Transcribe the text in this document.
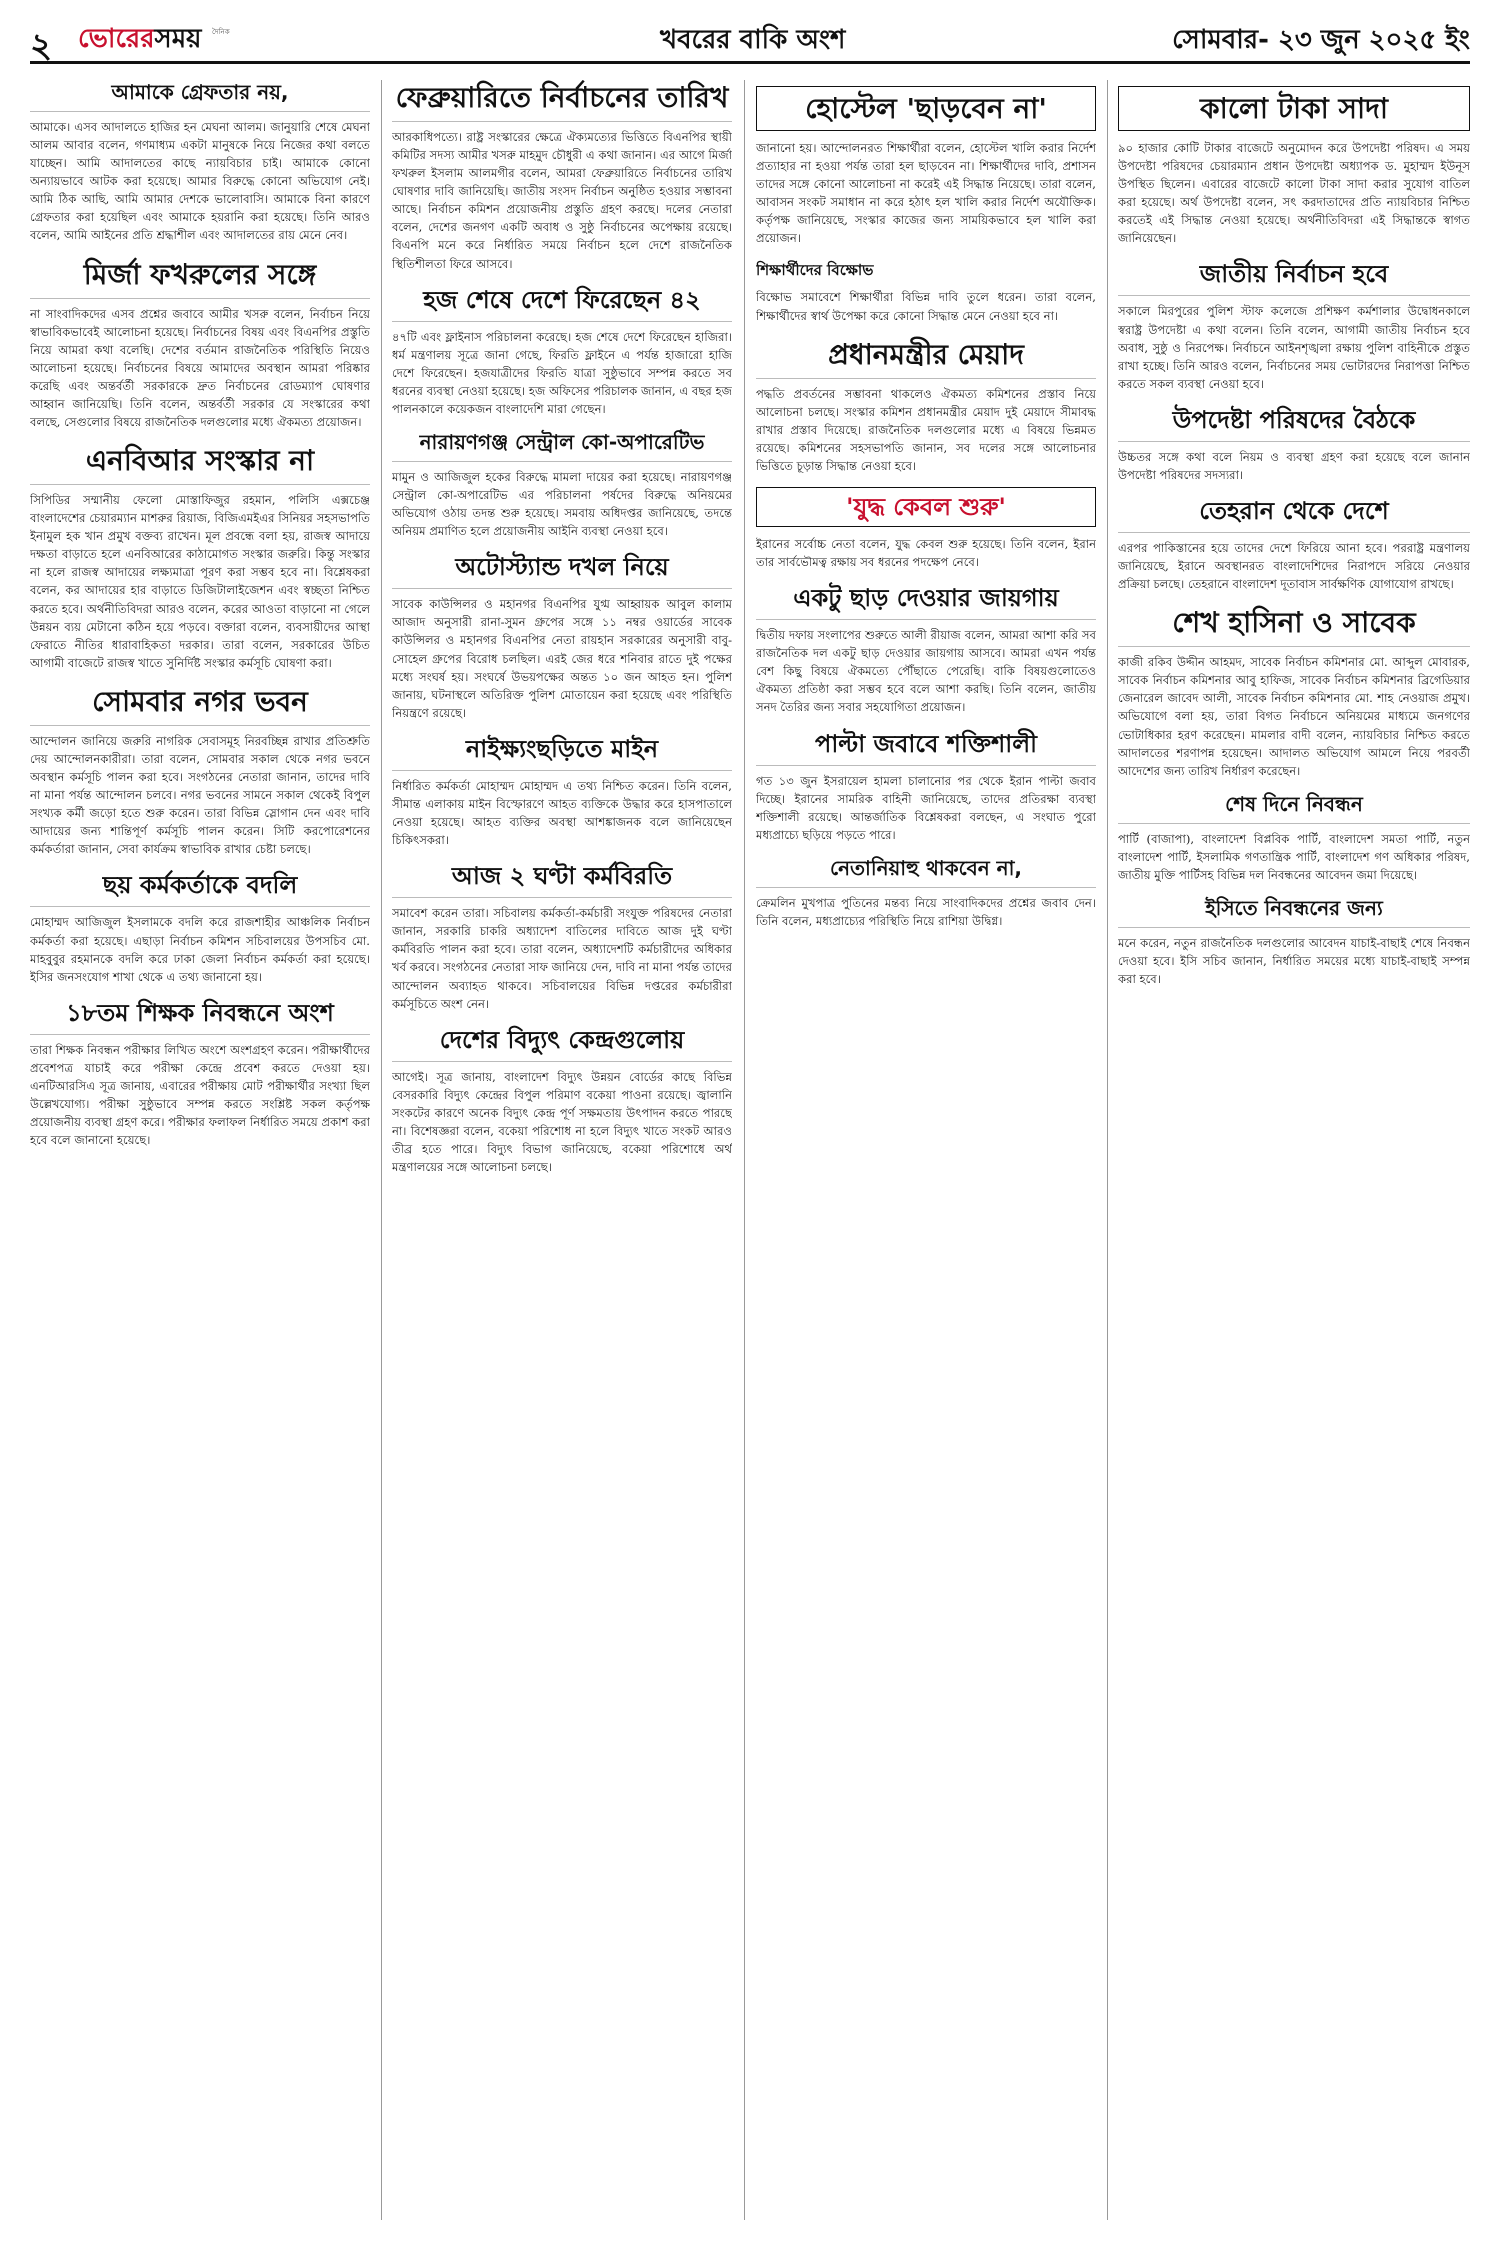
২ ভোরেরসময়	দৈনিক	খবরের বাকি অংশ	সোমবার- ২৩ জুন ২০২৫ ইং
আমাকে গ্রেফতার নয়,
আমাকে। এসব আদালতে হাজির হন মেঘনা আলম। জানুয়ারি শেষে মেঘনা আলম আবার বলেন, গণমাধ্যম একটা মানুষকে নিয়ে নিজের কথা বলতে যাচ্ছেন। আমি আদালতের কাছে ন্যায়বিচার চাই। আমাকে কোনো অন্যায়ভাবে আটক করা হয়েছে। আমার বিরুদ্ধে কোনো অভিযোগ নেই। আমি ঠিক আছি, আমি আমার দেশকে ভালোবাসি। আমাকে বিনা কারণে গ্রেফতার করা হয়েছিল এবং আমাকে হয়রানি করা হয়েছে। তিনি আরও বলেন, আমি আইনের প্রতি শ্রদ্ধাশীল এবং আদালতের রায় মেনে নেব।
মির্জা ফখরুলের সঙ্গে
না সাংবাদিকদের এসব প্রশ্নের জবাবে আমীর খসরু বলেন, নির্বাচন নিয়ে স্বাভাবিকভাবেই আলোচনা হয়েছে। নির্বাচনের বিষয় এবং বিএনপির প্রস্তুতি নিয়ে আমরা কথা বলেছি। দেশের বর্তমান রাজনৈতিক পরিস্থিতি নিয়েও আলোচনা হয়েছে। নির্বাচনের বিষয়ে আমাদের অবস্থান আমরা পরিষ্কার করেছি এবং অন্তর্বর্তী সরকারকে দ্রুত নির্বাচনের রোডম্যাপ ঘোষণার আহ্বান জানিয়েছি। তিনি বলেন, অন্তর্বর্তী সরকার যে সংস্কারের কথা বলছে, সেগুলোর বিষয়ে রাজনৈতিক দলগুলোর মধ্যে ঐকমত্য প্রয়োজন।
এনবিআর সংস্কার না
সিপিডির সম্মানীয় ফেলো মোস্তাফিজুর রহমান, পলিসি এক্সচেঞ্জ বাংলাদেশের চেয়ারম্যান মাশরুর রিয়াজ, বিজিএমইএর সিনিয়র সহসভাপতি ইনামুল হক খান প্রমুখ বক্তব্য রাখেন। মূল প্রবন্ধে বলা হয়, রাজস্ব আদায়ে দক্ষতা বাড়াতে হলে এনবিআরের কাঠামোগত সংস্কার জরুরি। কিন্তু সংস্কার না হলে রাজস্ব আদায়ের লক্ষ্যমাত্রা পূরণ করা সম্ভব হবে না। বিশ্লেষকরা বলেন, কর আদায়ের হার বাড়াতে ডিজিটালাইজেশন এবং স্বচ্ছতা নিশ্চিত করতে হবে। অর্থনীতিবিদরা আরও বলেন, করের আওতা বাড়ানো না গেলে উন্নয়ন ব্যয় মেটানো কঠিন হয়ে পড়বে। বক্তারা বলেন, ব্যবসায়ীদের আস্থা ফেরাতে নীতির ধারাবাহিকতা দরকার। তারা বলেন, সরকারের উচিত আগামী বাজেটে রাজস্ব খাতে সুনির্দিষ্ট সংস্কার কর্মসূচি ঘোষণা করা।
সোমবার নগর ভবন
আন্দোলন জানিয়ে জরুরি নাগরিক সেবাসমূহ নিরবচ্ছিন্ন রাখার প্রতিশ্রুতি দেয় আন্দোলনকারীরা। তারা বলেন, সোমবার সকাল থেকে নগর ভবনে অবস্থান কর্মসূচি পালন করা হবে। সংগঠনের নেতারা জানান, তাদের দাবি না মানা পর্যন্ত আন্দোলন চলবে। নগর ভবনের সামনে সকাল থেকেই বিপুল সংখ্যক কর্মী জড়ো হতে শুরু করেন। তারা বিভিন্ন স্লোগান দেন এবং দাবি আদায়ের জন্য শান্তিপূর্ণ কর্মসূচি পালন করেন। সিটি করপোরেশনের কর্মকর্তারা জানান, সেবা কার্যক্রম স্বাভাবিক রাখার চেষ্টা চলছে।
ছয় কর্মকর্তাকে বদলি
মোহাম্মদ আজিজুল ইসলামকে বদলি করে রাজশাহীর আঞ্চলিক নির্বাচন কর্মকর্তা করা হয়েছে। এছাড়া নির্বাচন কমিশন সচিবালয়ের উপসচিব মো. মাহবুবুর রহমানকে বদলি করে ঢাকা জেলা নির্বাচন কর্মকর্তা করা হয়েছে। ইসির জনসংযোগ শাখা থেকে এ তথ্য জানানো হয়।
১৮তম শিক্ষক নিবন্ধনে অংশ
তারা শিক্ষক নিবন্ধন পরীক্ষার লিখিত অংশে অংশগ্রহণ করেন। পরীক্ষার্থীদের প্রবেশপত্র যাচাই করে পরীক্ষা কেন্দ্রে প্রবেশ করতে দেওয়া হয়। এনটিআরসিএ সূত্র জানায়, এবারের পরীক্ষায় মোট পরীক্ষার্থীর সংখ্যা ছিল উল্লেখযোগ্য। পরীক্ষা সুষ্ঠুভাবে সম্পন্ন করতে সংশ্লিষ্ট সকল কর্তৃপক্ষ প্রয়োজনীয় ব্যবস্থা গ্রহণ করে। পরীক্ষার ফলাফল নির্ধারিত সময়ে প্রকাশ করা হবে বলে জানানো হয়েছে।
ফেব্রুয়ারিতে নির্বাচনের তারিখ
আরকাধিপত্যে। রাষ্ট্র সংস্কারের ক্ষেত্রে ঐক্যমত্যের ভিত্তিতে বিএনপির স্থায়ী কমিটির সদস্য আমীর খসরু মাহমুদ চৌধুরী এ কথা জানান। এর আগে মির্জা ফখরুল ইসলাম আলমগীর বলেন, আমরা ফেব্রুয়ারিতে নির্বাচনের তারিখ ঘোষণার দাবি জানিয়েছি। জাতীয় সংসদ নির্বাচন অনুষ্ঠিত হওয়ার সম্ভাবনা আছে। নির্বাচন কমিশন প্রয়োজনীয় প্রস্তুতি গ্রহণ করছে। দলের নেতারা বলেন, দেশের জনগণ একটি অবাধ ও সুষ্ঠু নির্বাচনের অপেক্ষায় রয়েছে। বিএনপি মনে করে নির্ধারিত সময়ে নির্বাচন হলে দেশে রাজনৈতিক স্থিতিশীলতা ফিরে আসবে।
হজ শেষে দেশে ফিরেছেন ৪২
৪৭টি এবং ফ্লাইনাস পরিচালনা করেছে। হজ শেষে দেশে ফিরেছেন হাজিরা। ধর্ম মন্ত্রণালয় সূত্রে জানা গেছে, ফিরতি ফ্লাইনে এ পর্যন্ত হাজারো হাজি দেশে ফিরেছেন। হজযাত্রীদের ফিরতি যাত্রা সুষ্ঠুভাবে সম্পন্ন করতে সব ধরনের ব্যবস্থা নেওয়া হয়েছে। হজ অফিসের পরিচালক জানান, এ বছর হজ পালনকালে কয়েকজন বাংলাদেশি মারা গেছেন।
নারায়ণগঞ্জ সেন্ট্রাল কো-অপারেটিভ
মামুন ও আজিজুল হকের বিরুদ্ধে মামলা দায়ের করা হয়েছে। নারায়ণগঞ্জ সেন্ট্রাল কো-অপারেটিভ এর পরিচালনা পর্ষদের বিরুদ্ধে অনিয়মের অভিযোগ ওঠায় তদন্ত শুরু হয়েছে। সমবায় অধিদপ্তর জানিয়েছে, তদন্তে অনিয়ম প্রমাণিত হলে প্রয়োজনীয় আইনি ব্যবস্থা নেওয়া হবে।
অটোস্ট্যান্ড দখল নিয়ে
সাবেক কাউন্সিলর ও মহানগর বিএনপির যুগ্ম আহ্বায়ক আবুল কালাম আজাদ অনুসারী রানা-সুমন গ্রুপের সঙ্গে ১১ নম্বর ওয়ার্ডের সাবেক কাউন্সিলর ও মহানগর বিএনপির নেতা রায়হান সরকারের অনুসারী বাবু-সোহেল গ্রুপের বিরোধ চলছিল। এরই জের ধরে শনিবার রাতে দুই পক্ষের মধ্যে সংঘর্ষ হয়। সংঘর্ষে উভয়পক্ষের অন্তত ১০ জন আহত হন। পুলিশ জানায়, ঘটনাস্থলে অতিরিক্ত পুলিশ মোতায়েন করা হয়েছে এবং পরিস্থিতি নিয়ন্ত্রণে রয়েছে।
নাইক্ষ্যংছড়িতে মাইন
নির্ধারিত কর্মকর্তা মোহাম্মদ মোহাম্মদ এ তথ্য নিশ্চিত করেন। তিনি বলেন, সীমান্ত এলাকায় মাইন বিস্ফোরণে আহত ব্যক্তিকে উদ্ধার করে হাসপাতালে নেওয়া হয়েছে। আহত ব্যক্তির অবস্থা আশঙ্কাজনক বলে জানিয়েছেন চিকিৎসকরা।
আজ ২ ঘণ্টা কর্মবিরতি
সমাবেশ করেন তারা। সচিবালয় কর্মকর্তা-কর্মচারী সংযুক্ত পরিষদের নেতারা জানান, সরকারি চাকরি অধ্যাদেশ বাতিলের দাবিতে আজ দুই ঘণ্টা কর্মবিরতি পালন করা হবে। তারা বলেন, অধ্যাদেশটি কর্মচারীদের অধিকার খর্ব করবে। সংগঠনের নেতারা সাফ জানিয়ে দেন, দাবি না মানা পর্যন্ত তাদের আন্দোলন অব্যাহত থাকবে। সচিবালয়ের বিভিন্ন দপ্তরের কর্মচারীরা কর্মসূচিতে অংশ নেন।
দেশের বিদ্যুৎ কেন্দ্রগুলোয়
আগেই। সূত্র জানায়, বাংলাদেশ বিদ্যুৎ উন্নয়ন বোর্ডের কাছে বিভিন্ন বেসরকারি বিদ্যুৎ কেন্দ্রের বিপুল পরিমাণ বকেয়া পাওনা রয়েছে। জ্বালানি সংকটের কারণে অনেক বিদ্যুৎ কেন্দ্র পূর্ণ সক্ষমতায় উৎপাদন করতে পারছে না। বিশেষজ্ঞরা বলেন, বকেয়া পরিশোধ না হলে বিদ্যুৎ খাতে সংকট আরও তীব্র হতে পারে। বিদ্যুৎ বিভাগ জানিয়েছে, বকেয়া পরিশোধে অর্থ মন্ত্রণালয়ের সঙ্গে আলোচনা চলছে।
হোস্টেল 'ছাড়বেন না'
জানানো হয়। আন্দোলনরত শিক্ষার্থীরা বলেন, হোস্টেল খালি করার নির্দেশ প্রত্যাহার না হওয়া পর্যন্ত তারা হল ছাড়বেন না। শিক্ষার্থীদের দাবি, প্রশাসন তাদের সঙ্গে কোনো আলোচনা না করেই এই সিদ্ধান্ত নিয়েছে। তারা বলেন, আবাসন সংকট সমাধান না করে হঠাৎ হল খালি করার নির্দেশ অযৌক্তিক। কর্তৃপক্ষ জানিয়েছে, সংস্কার কাজের জন্য সাময়িকভাবে হল খালি করা প্রয়োজন।
শিক্ষার্থীদের বিক্ষোভ
বিক্ষোভ সমাবেশে শিক্ষার্থীরা বিভিন্ন দাবি তুলে ধরেন। তারা বলেন, শিক্ষার্থীদের স্বার্থ উপেক্ষা করে কোনো সিদ্ধান্ত মেনে নেওয়া হবে না।
প্রধানমন্ত্রীর মেয়াদ
পদ্ধতি প্রবর্তনের সম্ভাবনা থাকলেও ঐকমত্য কমিশনের প্রস্তাব নিয়ে আলোচনা চলছে। সংস্কার কমিশন প্রধানমন্ত্রীর মেয়াদ দুই মেয়াদে সীমাবদ্ধ রাখার প্রস্তাব দিয়েছে। রাজনৈতিক দলগুলোর মধ্যে এ বিষয়ে ভিন্নমত রয়েছে। কমিশনের সহসভাপতি জানান, সব দলের সঙ্গে আলোচনার ভিত্তিতে চূড়ান্ত সিদ্ধান্ত নেওয়া হবে।
'যুদ্ধ কেবল শুরু'
ইরানের সর্বোচ্চ নেতা বলেন, যুদ্ধ কেবল শুরু হয়েছে। তিনি বলেন, ইরান তার সার্বভৌমত্ব রক্ষায় সব ধরনের পদক্ষেপ নেবে।
একটু ছাড় দেওয়ার জায়গায়
দ্বিতীয় দফায় সংলাপের শুরুতে আলী রীয়াজ বলেন, আমরা আশা করি সব রাজনৈতিক দল একটু ছাড় দেওয়ার জায়গায় আসবে। আমরা এখন পর্যন্ত বেশ কিছু বিষয়ে ঐকমত্যে পৌঁছাতে পেরেছি। বাকি বিষয়গুলোতেও ঐকমত্য প্রতিষ্ঠা করা সম্ভব হবে বলে আশা করছি। তিনি বলেন, জাতীয় সনদ তৈরির জন্য সবার সহযোগিতা প্রয়োজন।
পাল্টা জবাবে শক্তিশালী
গত ১৩ জুন ইসরায়েল হামলা চালানোর পর থেকে ইরান পাল্টা জবাব দিচ্ছে। ইরানের সামরিক বাহিনী জানিয়েছে, তাদের প্রতিরক্ষা ব্যবস্থা শক্তিশালী রয়েছে। আন্তর্জাতিক বিশ্লেষকরা বলছেন, এ সংঘাত পুরো মধ্যপ্রাচ্যে ছড়িয়ে পড়তে পারে।
নেতানিয়াহু থাকবেন না,
ক্রেমলিন মুখপাত্র পুতিনের মন্তব্য নিয়ে সাংবাদিকদের প্রশ্নের জবাব দেন। তিনি বলেন, মধ্যপ্রাচ্যের পরিস্থিতি নিয়ে রাশিয়া উদ্বিগ্ন।
কালো টাকা সাদা
৯০ হাজার কোটি টাকার বাজেটে অনুমোদন করে উপদেষ্টা পরিষদ। এ সময় উপদেষ্টা পরিষদের চেয়ারম্যান প্রধান উপদেষ্টা অধ্যাপক ড. মুহাম্মদ ইউনূস উপস্থিত ছিলেন। এবারের বাজেটে কালো টাকা সাদা করার সুযোগ বাতিল করা হয়েছে। অর্থ উপদেষ্টা বলেন, সৎ করদাতাদের প্রতি ন্যায়বিচার নিশ্চিত করতেই এই সিদ্ধান্ত নেওয়া হয়েছে। অর্থনীতিবিদরা এই সিদ্ধান্তকে স্বাগত জানিয়েছেন।
জাতীয় নির্বাচন হবে
সকালে মিরপুরের পুলিশ স্টাফ কলেজে প্রশিক্ষণ কর্মশালার উদ্বোধনকালে স্বরাষ্ট্র উপদেষ্টা এ কথা বলেন। তিনি বলেন, আগামী জাতীয় নির্বাচন হবে অবাধ, সুষ্ঠু ও নিরপেক্ষ। নির্বাচনে আইনশৃঙ্খলা রক্ষায় পুলিশ বাহিনীকে প্রস্তুত রাখা হচ্ছে। তিনি আরও বলেন, নির্বাচনের সময় ভোটারদের নিরাপত্তা নিশ্চিত করতে সকল ব্যবস্থা নেওয়া হবে।
উপদেষ্টা পরিষদের বৈঠকে
উচ্চতর সঙ্গে কথা বলে নিয়ম ও ব্যবস্থা গ্রহণ করা হয়েছে বলে জানান উপদেষ্টা পরিষদের সদস্যরা।
তেহরান থেকে দেশে
এরপর পাকিস্তানের হয়ে তাদের দেশে ফিরিয়ে আনা হবে। পররাষ্ট্র মন্ত্রণালয় জানিয়েছে, ইরানে অবস্থানরত বাংলাদেশিদের নিরাপদে সরিয়ে নেওয়ার প্রক্রিয়া চলছে। তেহরানে বাংলাদেশ দূতাবাস সার্বক্ষণিক যোগাযোগ রাখছে।
শেখ হাসিনা ও সাবেক
কাজী রকিব উদ্দীন আহমদ, সাবেক নির্বাচন কমিশনার মো. আব্দুল মোবারক, সাবেক নির্বাচন কমিশনার আবু হাফিজ, সাবেক নির্বাচন কমিশনার ব্রিগেডিয়ার জেনারেল জাবেদ আলী, সাবেক নির্বাচন কমিশনার মো. শাহ নেওয়াজ প্রমুখ। অভিযোগে বলা হয়, তারা বিগত নির্বাচনে অনিয়মের মাধ্যমে জনগণের ভোটাধিকার হরণ করেছেন। মামলার বাদী বলেন, ন্যায়বিচার নিশ্চিত করতে আদালতের শরণাপন্ন হয়েছেন। আদালত অভিযোগ আমলে নিয়ে পরবর্তী আদেশের জন্য তারিখ নির্ধারণ করেছেন।
শেষ দিনে নিবন্ধন
পার্টি (বাজাপা), বাংলাদেশ বিপ্লবিক পার্টি, বাংলাদেশ সমতা পার্টি, নতুন বাংলাদেশ পার্টি, ইসলামিক গণতান্ত্রিক পার্টি, বাংলাদেশ গণ অধিকার পরিষদ, জাতীয় মুক্তি পার্টিসহ বিভিন্ন দল নিবন্ধনের আবেদন জমা দিয়েছে।
ইসিতে নিবন্ধনের জন্য
মনে করেন, নতুন রাজনৈতিক দলগুলোর আবেদন যাচাই-বাছাই শেষে নিবন্ধন দেওয়া হবে। ইসি সচিব জানান, নির্ধারিত সময়ের মধ্যে যাচাই-বাছাই সম্পন্ন করা হবে।
